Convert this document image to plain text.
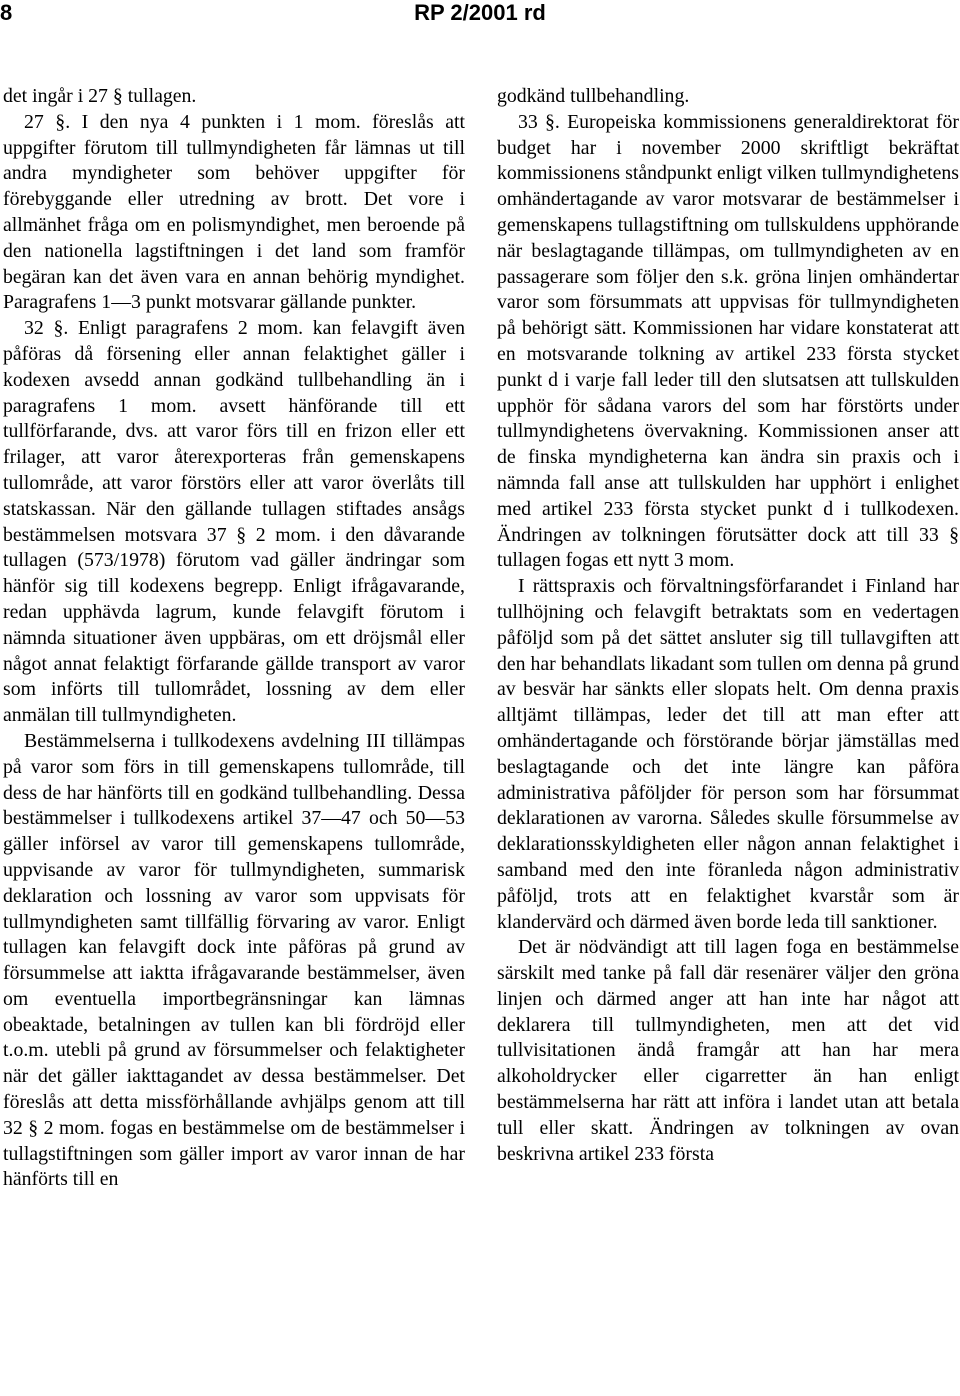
8	RP 2/2001 rd

det ingår i 27 § tullagen.

27 §. I den nya 4 punkten i 1 mom. föreslås att uppgifter förutom till tullmyndigheten får lämnas ut till andra myndigheter som behöver uppgifter för förebyggande eller utredning av brott. Det vore i allmänhet fråga om en polismyndighet, men beroende på den nationella lagstiftningen i det land som framför begäran kan det även vara en annan behörig myndighet. Paragrafens 1—3 punkt motsvarar gällande punkter.

32 §. Enligt paragrafens 2 mom. kan felavgift även påföras då försening eller annan felaktighet gäller i kodexen avsedd annan godkänd tullbehandling än i paragrafens 1 mom. avsett hänförande till ett tullförfarande, dvs. att varor förs till en frizon eller ett frilager, att varor återexporteras från gemenskapens tullområde, att varor förstörs eller att varor överlåts till statskassan. När den gällande tullagen stiftades ansågs bestämmelsen motsvara 37 § 2 mom. i den dåvarande tullagen (573/1978) förutom vad gäller ändringar som hänför sig till kodexens begrepp. Enligt ifrågavarande, redan upphävda lagrum, kunde felavgift förutom i nämnda situationer även uppbäras, om ett dröjsmål eller något annat felaktigt förfarande gällde transport av varor som införts till tullområdet, lossning av dem eller anmälan till tullmyndigheten.

Bestämmelserna i tullkodexens avdelning III tillämpas på varor som förs in till gemenskapens tullområde, till dess de har hänförts till en godkänd tullbehandling. Dessa bestämmelser i tullkodexens artikel 37—47 och 50—53 gäller införsel av varor till gemenskapens tullområde, uppvisande av varor för tullmyndigheten, summarisk deklaration och lossning av varor som uppvisats för tullmyndigheten samt tillfällig förvaring av varor. Enligt tullagen kan felavgift dock inte påföras på grund av försummelse att iaktta ifrågavarande bestämmelser, även om eventuella importbegränsningar kan lämnas obeaktade, betalningen av tullen kan bli fördröjd eller t.o.m. utebli på grund av försummelser och felaktigheter när det gäller iakttagandet av dessa bestämmelser. Det föreslås att detta missförhållande avhjälps genom att till 32 § 2 mom. fogas en bestämmelse om de bestämmelser i tullagstiftningen som gäller import av varor innan de har hänförts till en

godkänd tullbehandling.

33 §. Europeiska kommissionens generaldirektorat för budget har i november 2000 skriftligt bekräftat kommissionens ståndpunkt enligt vilken tullmyndighetens omhändertagande av varor motsvarar de bestämmelser i gemenskapens tullagstiftning om tullskuldens upphörande när beslagtagande tillämpas, om tullmyndigheten av en passagerare som följer den s.k. gröna linjen omhändertar varor som försummats att uppvisas för tullmyndigheten på behörigt sätt. Kommissionen har vidare konstaterat att en motsvarande tolkning av artikel 233 första stycket punkt d i varje fall leder till den slutsatsen att tullskulden upphör för sådana varors del som har förstörts under tullmyndighetens övervakning. Kommissionen anser att de finska myndigheterna kan ändra sin praxis och i nämnda fall anse att tullskulden har upphört i enlighet med artikel 233 första stycket punkt d i tullkodexen. Ändringen av tolkningen förutsätter dock att till 33 § tullagen fogas ett nytt 3 mom.

I rättspraxis och förvaltningsförfarandet i Finland har tullhöjning och felavgift betraktats som en vedertagen påföljd som på det sättet ansluter sig till tullavgiften att den har behandlats likadant som tullen om denna på grund av besvär har sänkts eller slopats helt. Om denna praxis alltjämt tillämpas, leder det till att man efter att omhändertagande och förstörande börjar jämställas med beslagtagande och det inte längre kan påföra administrativa påföljder för person som har försummat deklarationen av varorna. Således skulle försummelse av deklarationsskyldigheten eller någon annan felaktighet i samband med den inte föranleda någon administrativ påföljd, trots att en felaktighet kvarstår som är klandervärd och därmed även borde leda till sanktioner.

Det är nödvändigt att till lagen foga en bestämmelse särskilt med tanke på fall där resenärer väljer den gröna linjen och därmed anger att han inte har något att deklarera till tullmyndigheten, men att det vid tullvisitationen ändå framgår att han har mera alkoholdrycker eller cigarretter än han enligt bestämmelserna har rätt att införa i landet utan att betala tull eller skatt. Ändringen av tolkningen av ovan beskrivna artikel 233 första
